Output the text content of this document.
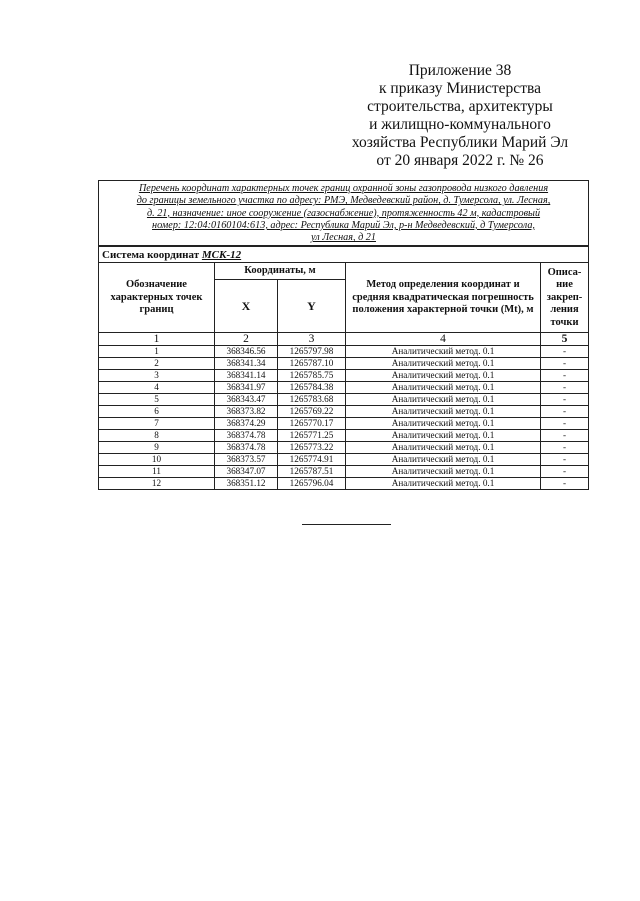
Приложение 38
к приказу Министерства
строительства, архитектуры
и жилищно-коммунального
хозяйства Республики Марий Эл
от 20 января 2022 г. № 26
Перечень координат характерных точек границ охранной зоны газопровода низкого давления
до границы земельного участка по адресу: РМЭ, Медведевский район, д. Тумерсола, ул. Лесная,
д. 21, назначение: иное сооружение (газоснабжение), протяженность 42 м, кадастровый
номер: 12:04:0160104:613, адрес: Республика Марий Эл, р-н Медведевский, д Тумерсола,
ул Лесная, д 21				

Система координат МСК-12				
Обозначение характерных точек границ	Координаты, м		Метод определения координат и средняя квадратическая погрешность положения характерной точки (Mt), м	Описа-ние закреп-ления точки
	X	Y		
1	2	3	4	5
1	368346.56	1265797.98	Аналитический метод. 0.1	-
2	368341.34	1265787.10	Аналитический метод. 0.1	-
3	368341.14	1265785.75	Аналитический метод. 0.1	-
4	368341.97	1265784.38	Аналитический метод. 0.1	-
5	368343.47	1265783.68	Аналитический метод. 0.1	-
6	368373.82	1265769.22	Аналитический метод. 0.1	-
7	368374.29	1265770.17	Аналитический метод. 0.1	-
8	368374.78	1265771.25	Аналитический метод. 0.1	-
9	368374.78	1265773.22	Аналитический метод. 0.1	-
10	368373.57	1265774.91	Аналитический метод. 0.1	-
11	368347.07	1265787.51	Аналитический метод. 0.1	-
12	368351.12	1265796.04	Аналитический метод. 0.1	-
